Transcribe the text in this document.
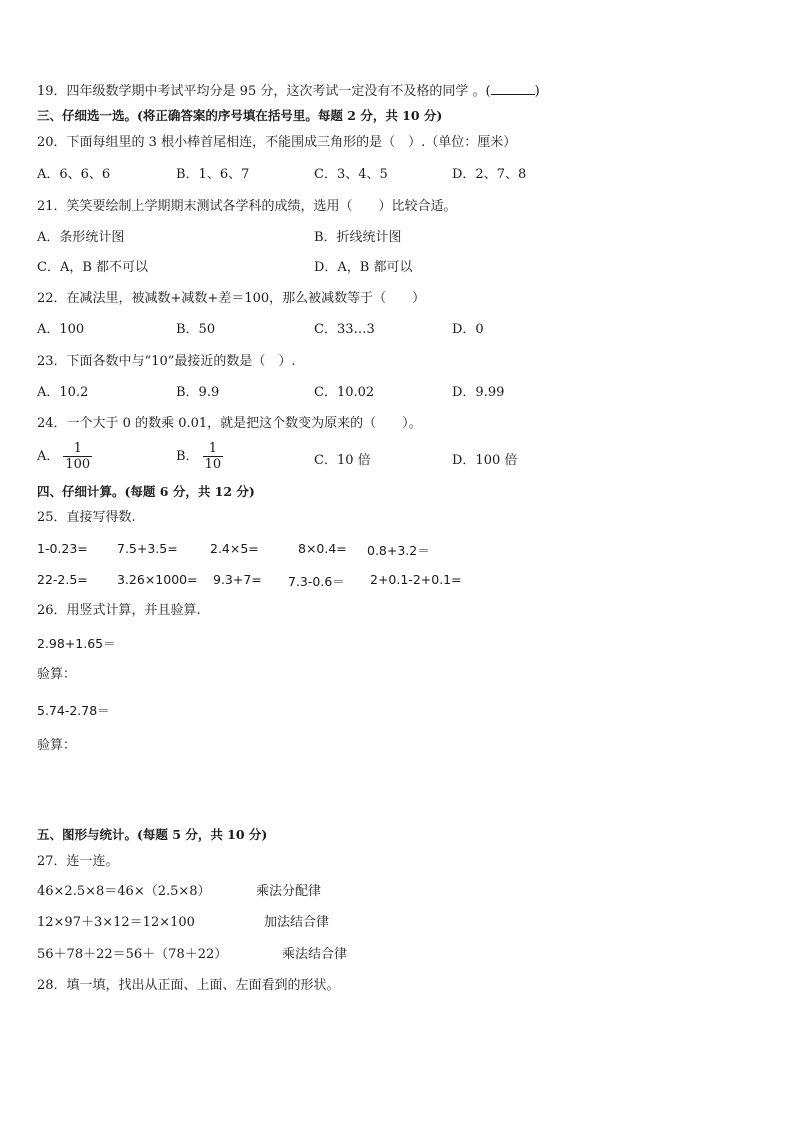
19．四年级数学期中考试平均分是 95 分，这次考试一定没有不及格的同学 。(	)
三、仔细选一选。(将正确答案的序号填在括号里。每题 2 分，共 10 分)
20．下面每组里的 3 根小棒首尾相连，不能围成三角形的是（　）.（单位：厘米）
A．6、6、6	B．1、6、7	C．3、4、5	D．2、7、8
21．笑笑要绘制上学期期末测试各学科的成绩，选用（　　）比较合适。
A．条形统计图	B．折线统计图
C．A，B 都不可以	D．A，B 都可以
22．在减法里，被减数+减数+差＝100，那么被减数等于（　　）
A．100	B．50	C．33…3	D．0
23．下面各数中与“10”最接近的数是（　）.
A．10.2	B．9.9	C．10.02	D．9.99
24．一个大于 0 的数乘 0.01，就是把这个数变为原来的（　　）。
A． $\frac{1}{100}$	B． $\frac{1}{10}$	C．10 倍	D．100 倍
四、仔细计算。(每题 6 分，共 12 分)
25．直接写得数.
1-0.23= 7.5+3.5=	2.4×5=	8×0.4= 0.8+3.2＝
22-2.5= 3.26×1000= 9.3+7= 7.3-0.6＝ 2+0.1-2+0.1=
26．用竖式计算，并且验算.
2.98+1.65＝
验算：
5.74-2.78＝
验算：
五、图形与统计。(每题 5 分，共 10 分)
27．连一连。
46×2.5×8＝46×（2.5×8）	乘法分配律
12×97＋3×12＝12×100	加法结合律
56＋78＋22＝56＋（78＋22）	乘法结合律
28．填一填，找出从正面、上面、左面看到的形状。
